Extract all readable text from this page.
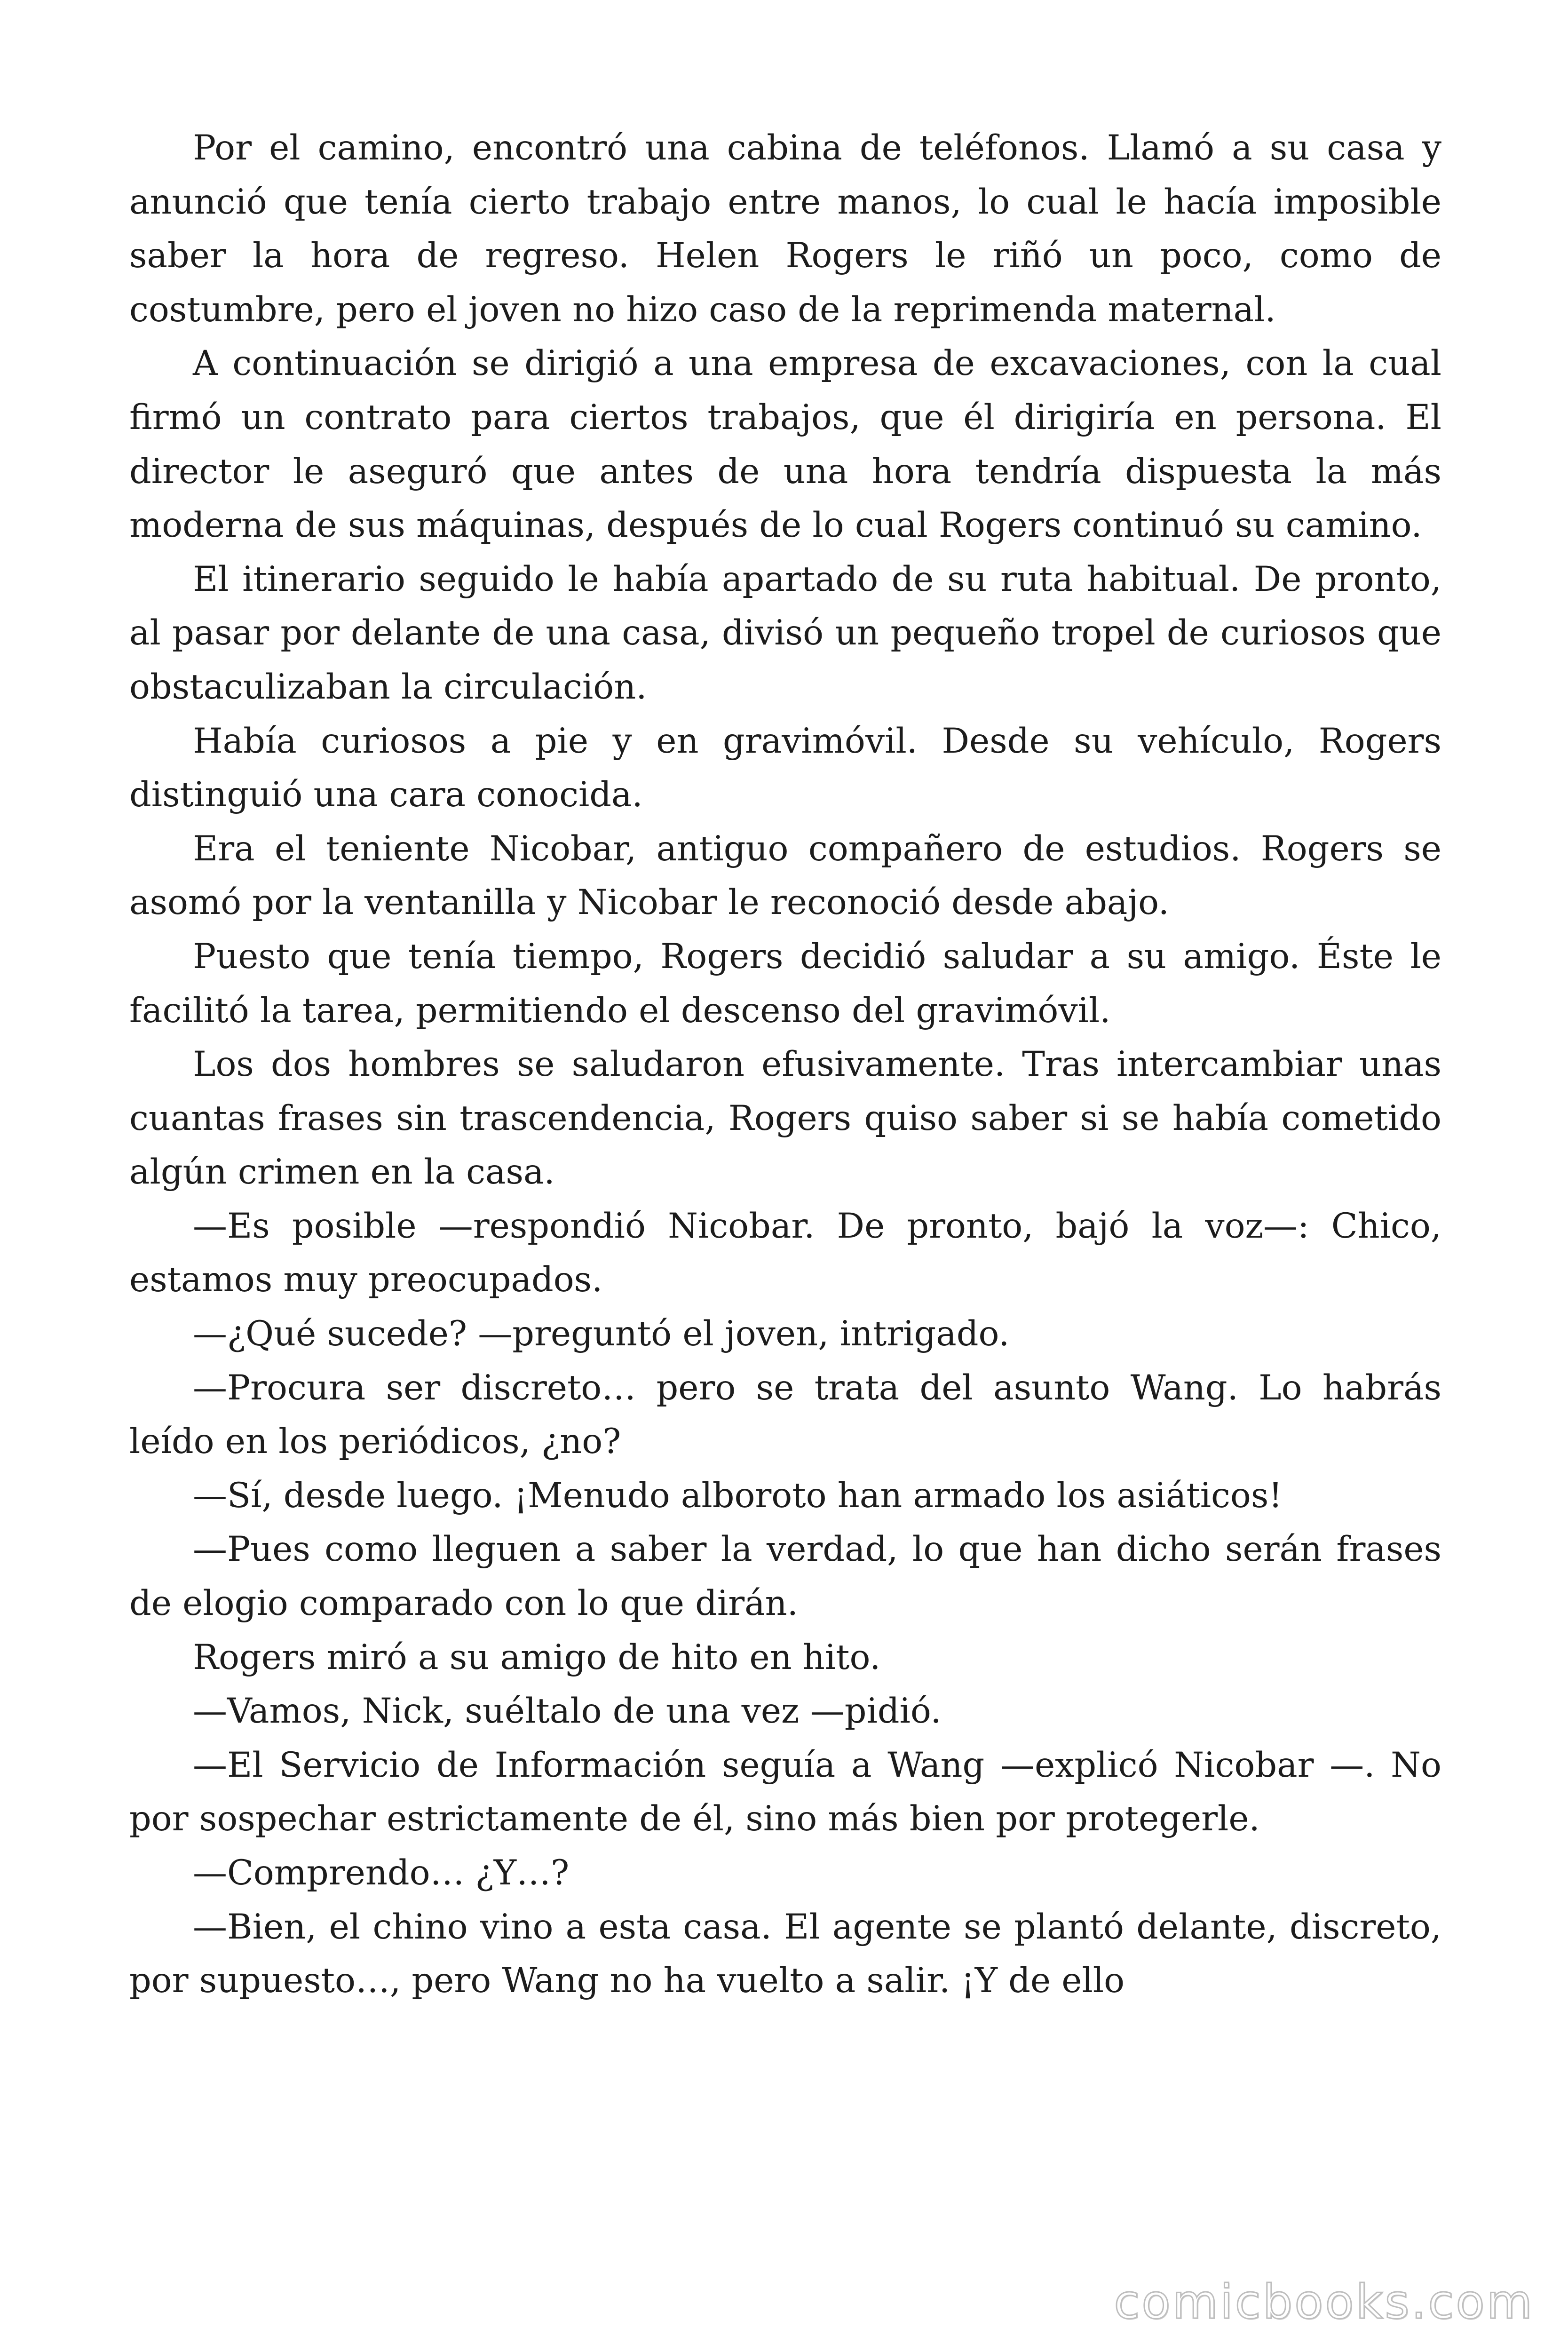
Por el camino, encontró una cabina de teléfonos. Llamó a su casa y anunció que tenía cierto trabajo entre manos, lo cual le hacía imposible saber la hora de regreso. Helen Rogers le riñó un poco, como de costumbre, pero el joven no hizo caso de la reprimenda maternal.

A continuación se dirigió a una empresa de excavaciones, con la cual firmó un contrato para ciertos trabajos, que él dirigiría en persona. El director le aseguró que antes de una hora tendría dispuesta la más moderna de sus máquinas, después de lo cual Rogers continuó su camino.

El itinerario seguido le había apartado de su ruta habitual. De pronto, al pasar por delante de una casa, divisó un pequeño tropel de curiosos que obstaculizaban la circulación.

Había curiosos a pie y en gravimóvil. Desde su vehículo, Rogers distinguió una cara conocida.

Era el teniente Nicobar, antiguo compañero de estudios. Rogers se asomó por la ventanilla y Nicobar le reconoció desde abajo.

Puesto que tenía tiempo, Rogers decidió saludar a su amigo. Éste le facilitó la tarea, permitiendo el descenso del gravimóvil.

Los dos hombres se saludaron efusivamente. Tras intercambiar unas cuantas frases sin trascendencia, Rogers quiso saber si se había cometido algún crimen en la casa.

—Es posible —respondió Nicobar. De pronto, bajó la voz—: Chico, estamos muy preocupados.

—¿Qué sucede? —preguntó el joven, intrigado.

—Procura ser discreto… pero se trata del asunto Wang. Lo habrás leído en los periódicos, ¿no?

—Sí, desde luego. ¡Menudo alboroto han armado los asiáticos!

—Pues como lleguen a saber la verdad, lo que han dicho serán frases de elogio comparado con lo que dirán.

Rogers miró a su amigo de hito en hito.

—Vamos, Nick, suéltalo de una vez —pidió.

—El Servicio de Información seguía a Wang —explicó Nicobar —. No por sospechar estrictamente de él, sino más bien por protegerle.

—Comprendo… ¿Y…?

—Bien, el chino vino a esta casa. El agente se plantó delante, discreto, por supuesto…, pero Wang no ha vuelto a salir. ¡Y de ello

comicbooks.com
